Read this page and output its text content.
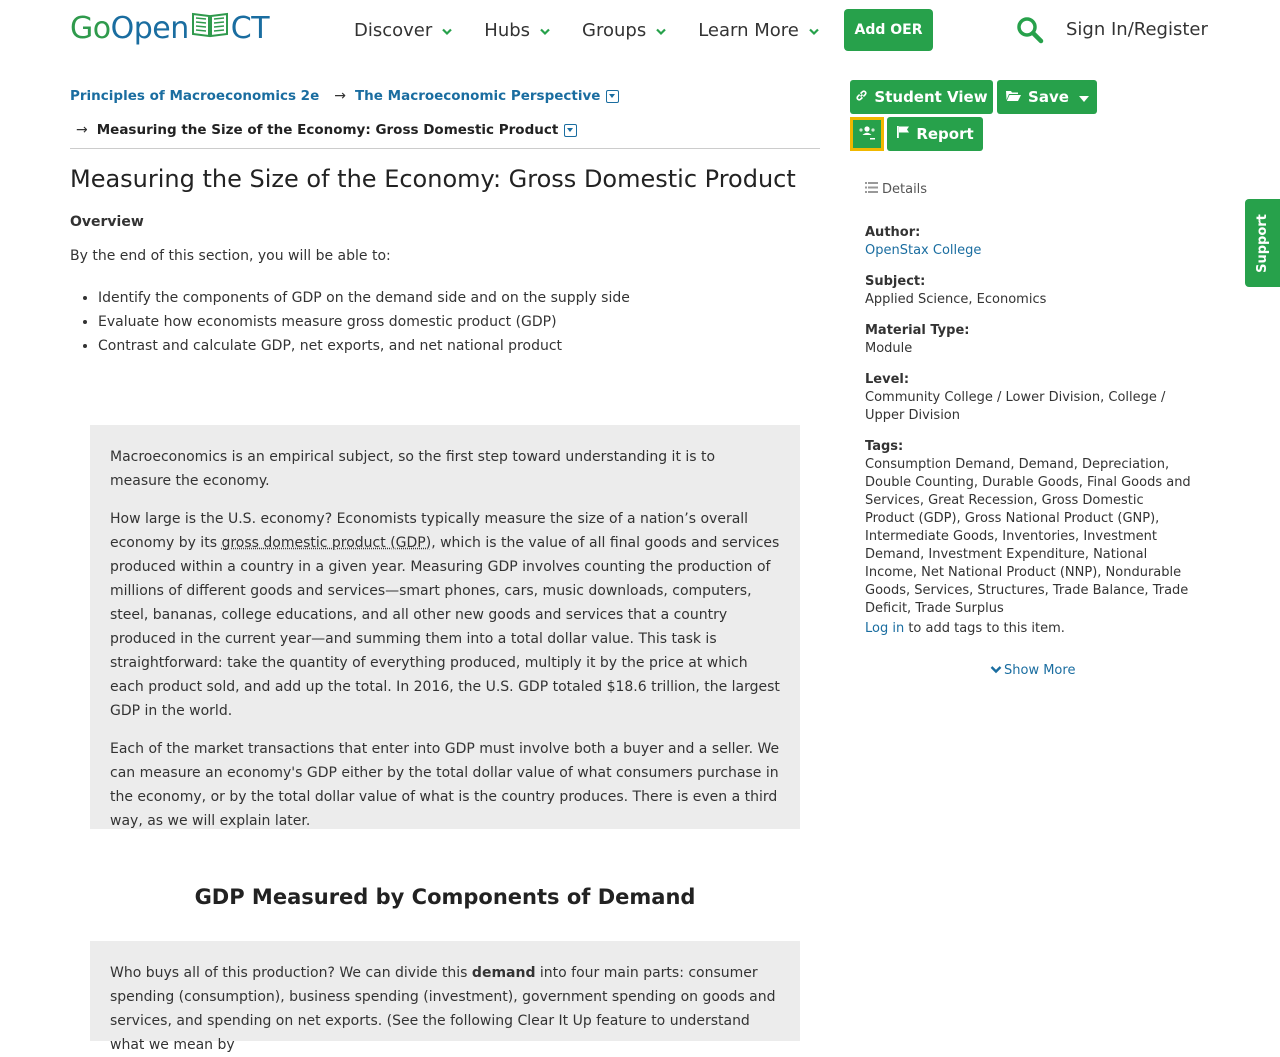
Go Open CT	Discover	Hubs	Groups	Learn More	Add OER	Sign In/Register
Principles of Macroeconomics 2e → The Macroeconomic Perspective
→ Measuring the Size of the Economy: Gross Domestic Product
Measuring the Size of the Economy: Gross Domestic Product
Overview
By the end of this section, you will be able to:
• Identify the components of GDP on the demand side and on the supply side
• Evaluate how economists measure gross domestic product (GDP)
• Contrast and calculate GDP, net exports, and net national product

Macroeconomics is an empirical subject, so the first step toward understanding it is to measure the economy.

How large is the U.S. economy? Economists typically measure the size of a nation’s overall economy by its gross domestic product (GDP), which is the value of all final goods and services produced within a country in a given year. Measuring GDP involves counting the production of millions of different goods and services—smart phones, cars, music downloads, computers, steel, bananas, college educations, and all other new goods and services that a country produced in the current year—and summing them into a total dollar value. This task is straightforward: take the quantity of everything produced, multiply it by the price at which each product sold, and add up the total. In 2016, the U.S. GDP totaled $18.6 trillion, the largest GDP in the world.

Each of the market transactions that enter into GDP must involve both a buyer and a seller. We can measure an economy's GDP either by the total dollar value of what consumers purchase in the economy, or by the total dollar value of what is the country produces. There is even a third way, as we will explain later.

GDP Measured by Components of Demand

Who buys all of this production? We can divide this demand into four main parts: consumer spending (consumption), business spending (investment), government spending on goods and services, and spending on net exports. (See the following Clear It Up feature to understand what we mean by

Student View	Save
Report
Details
Author:
OpenStax College
Subject:
Applied Science, Economics
Material Type:
Module
Level:
Community College / Lower Division, College / Upper Division
Tags:
Consumption Demand, Demand, Depreciation, Double Counting, Durable Goods, Final Goods and Services, Great Recession, Gross Domestic Product (GDP), Gross National Product (GNP), Intermediate Goods, Inventories, Investment Demand, Investment Expenditure, National Income, Net National Product (NNP), Nondurable Goods, Services, Structures, Trade Balance, Trade Deficit, Trade Surplus
Log in to add tags to this item.
Show More
Support
